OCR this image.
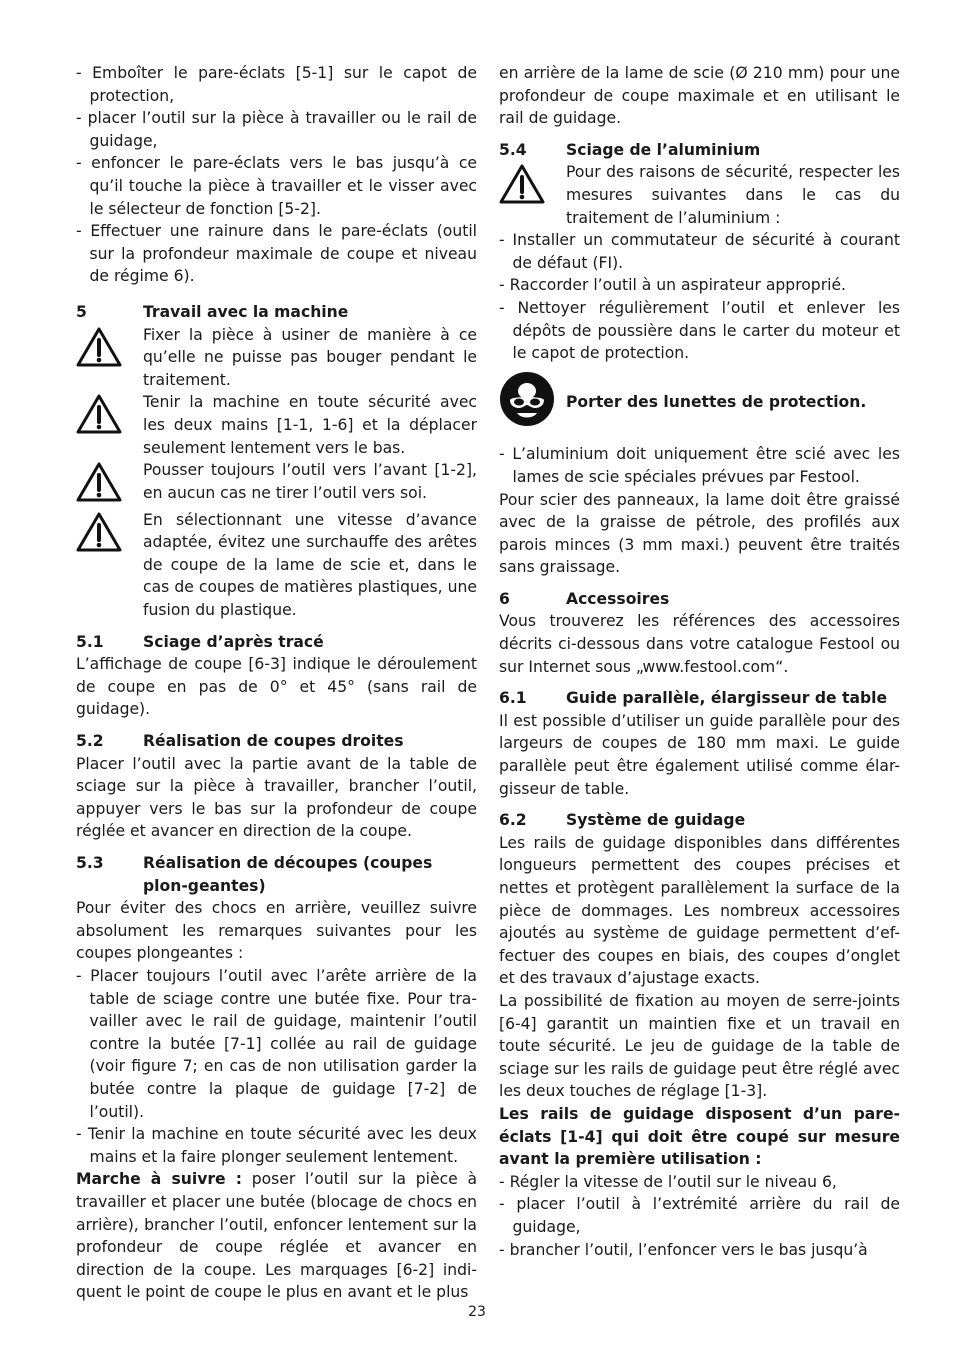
- Emboîter le pare-éclats [5-1] sur le capot de protection,

- placer l’outil sur la pièce à travailler ou le rail de guidage,

- enfoncer le pare-éclats vers le bas jusqu’à ce qu’il touche la pièce à travailler et le visser avec le sélecteur de fonction [5-2].

- Effectuer une rainure dans le pare-éclats (outil sur la profondeur maximale de coupe et niveau de régime 6).

5	Travail avec la machine

Fixer la pièce à usiner de manière à ce qu’elle ne puisse pas bouger pendant le traitement.

Tenir la machine en toute sécurité avec les deux mains [1-1, 1-6] et la déplacer seulement lentement vers le bas.

Pousser toujours l’outil vers l’avant [1-2], en aucun cas ne tirer l’outil vers soi.

En sélectionnant une vitesse d’avance adaptée, évitez une surchauffe des arêtes de coupe de la lame de scie et, dans le cas de coupes de matières plastiques, une fusion du plastique.

5.1	Sciage d’après tracé

L’affichage de coupe [6-3] indique le déroulement de coupe en pas de 0° et 45° (sans rail de guidage).

5.2	Réalisation de coupes droites

Placer l’outil avec la partie avant de la table de sciage sur la pièce à travailler, brancher l’outil, appuyer vers le bas sur la profondeur de coupe réglée et avancer en direction de la coupe.

5.3	Réalisation de découpes (coupes plon-geantes)

Pour éviter des chocs en arrière, veuillez suivre absolument les remarques suivantes pour les coupes plongeantes :

- Placer toujours l’outil avec l’arête arrière de la table de sciage contre une butée fixe. Pour tra-vailler avec le rail de guidage, maintenir l’outil contre la butée [7-1] collée au rail de guidage (voir figure 7; en cas de non utilisation garder la butée contre la plaque de guidage [7-2] de l’outil).

- Tenir la machine en toute sécurité avec les deux mains et la faire plonger seulement lentement.

Marche à suivre : poser l’outil sur la pièce à travailler et placer une butée (blocage de chocs en arrière), brancher l’outil, enfoncer lentement sur la profondeur de coupe réglée et avancer en direction de la coupe. Les marquages [6-2] indi-quent le point de coupe le plus en avant et le plus

en arrière de la lame de scie (Ø 210 mm) pour une profondeur de coupe maximale et en utilisant le rail de guidage.

5.4	Sciage de l’aluminium

Pour des raisons de sécurité, respecter les mesures suivantes dans le cas du traitement de l’aluminium :

- Installer un commutateur de sécurité à courant de défaut (FI).

- Raccorder l’outil à un aspirateur approprié.

- Nettoyer régulièrement l’outil et enlever les dépôts de poussière dans le carter du moteur et le capot de protection.

Porter des lunettes de protection.

- L’aluminium doit uniquement être scié avec les lames de scie spéciales prévues par Festool.

Pour scier des panneaux, la lame doit être graissé avec de la graisse de pétrole, des profilés aux parois minces (3 mm maxi.) peuvent être traités sans graissage.

6	Accessoires

Vous trouverez les références des accessoires décrits ci-dessous dans votre catalogue Festool ou sur Internet sous „www.festool.com“.

6.1	Guide parallèle, élargisseur de table

Il est possible d’utiliser un guide parallèle pour des largeurs de coupes de 180 mm maxi. Le guide parallèle peut être également utilisé comme élar-gisseur de table.

6.2	Système de guidage

Les rails de guidage disponibles dans différentes longueurs permettent des coupes précises et nettes et protègent parallèlement la surface de la pièce de dommages. Les nombreux accessoires ajoutés au système de guidage permettent d’ef-fectuer des coupes en biais, des coupes d’onglet et des travaux d’ajustage exacts.

La possibilité de fixation au moyen de serre-joints [6-4] garantit un maintien fixe et un travail en toute sécurité. Le jeu de guidage de la table de sciage sur les rails de guidage peut être réglé avec les deux touches de réglage [1-3].

Les rails de guidage disposent d’un pare-éclats [1-4] qui doit être coupé sur mesure avant la première utilisation :

- Régler la vitesse de l’outil sur le niveau 6,

- placer l’outil à l’extrémité arrière du rail de guidage,

- brancher l’outil, l’enfoncer vers le bas jusqu’à

23
